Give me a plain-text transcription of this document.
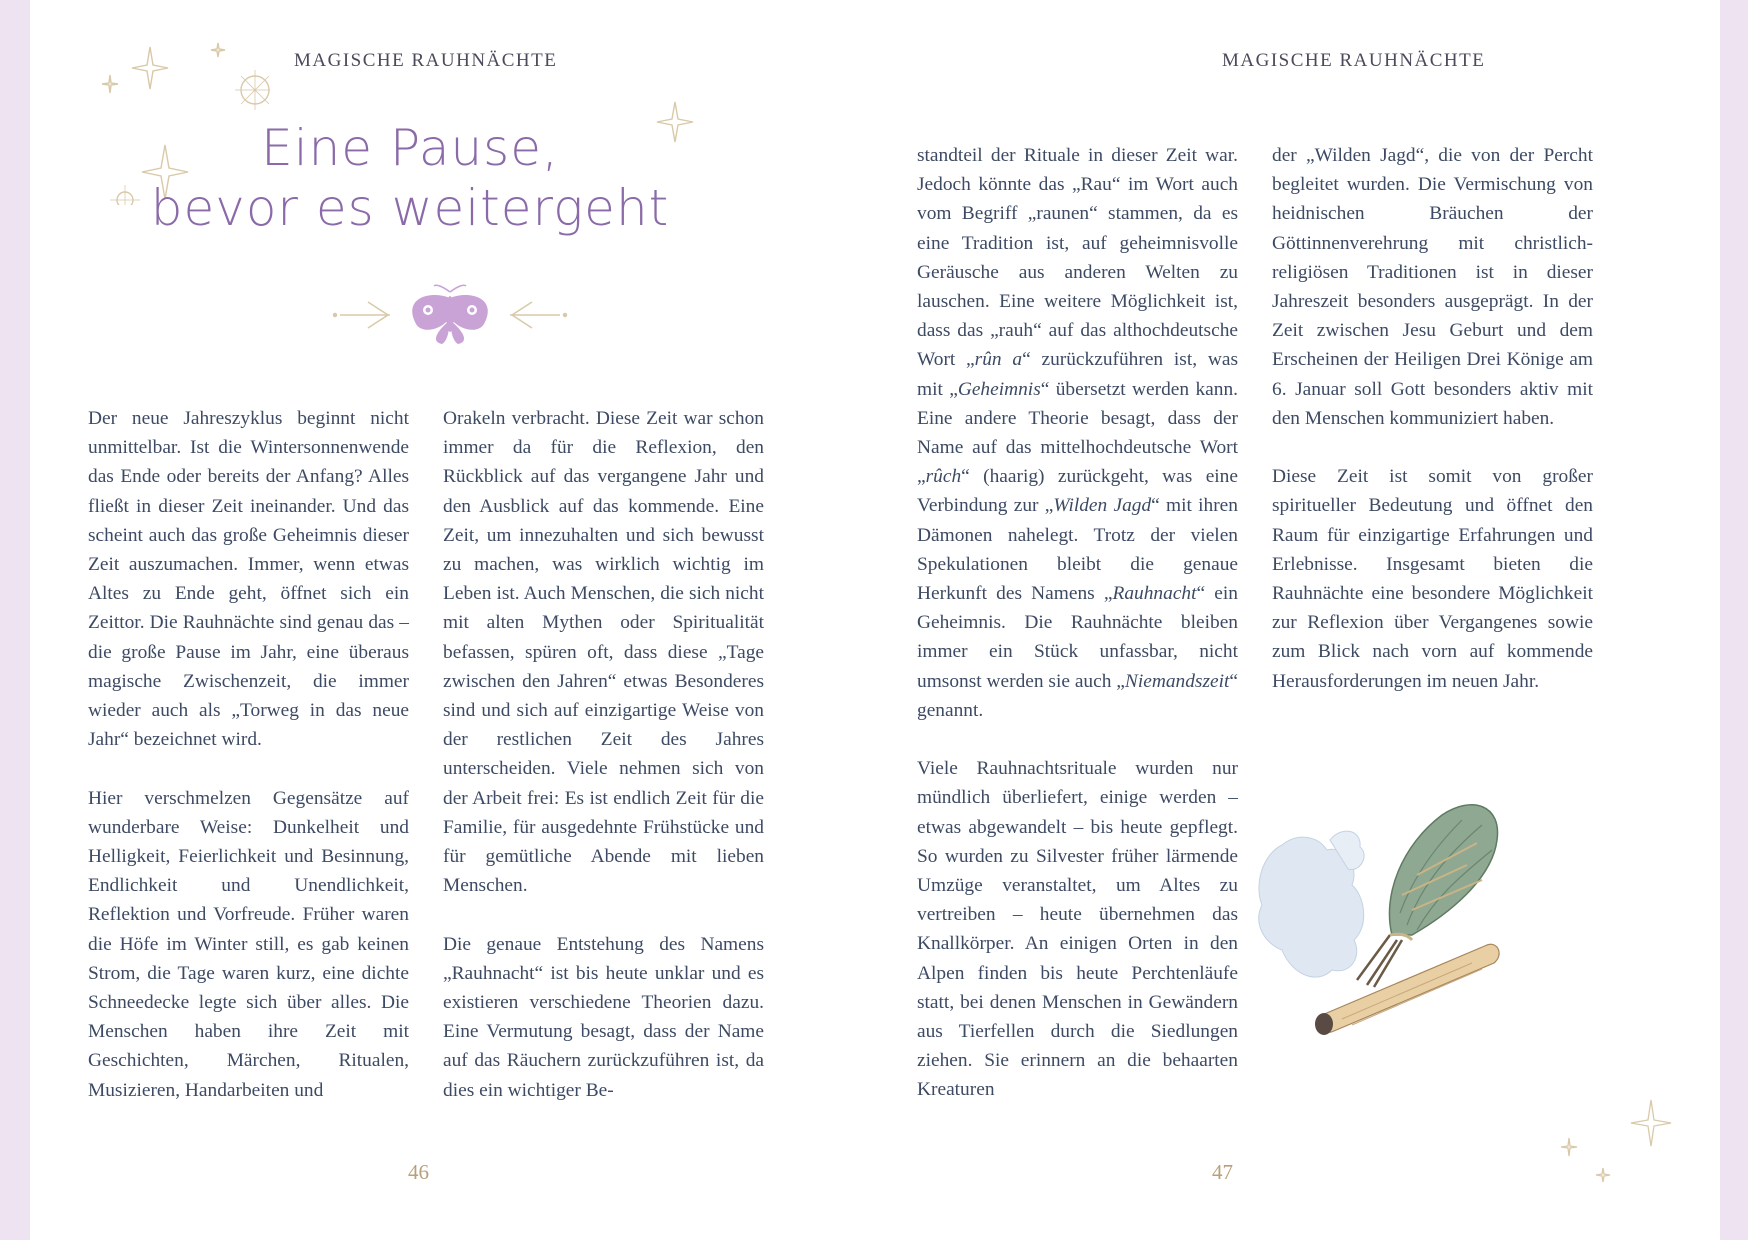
MAGISCHE RAUHNÄCHTE
Eine Pause,
bevor es weitergeht

Der neue Jahreszyklus beginnt nicht unmittelbar. Ist die Wintersonnenwende das Ende oder bereits der Anfang? Alles fließt in dieser Zeit ineinander. Und das scheint auch das große Geheimnis dieser Zeit auszumachen. Immer, wenn etwas Altes zu Ende geht, öffnet sich ein Zeittor. Die Rauhnächte sind genau das – die große Pause im Jahr, eine überaus magische Zwischenzeit, die immer wieder auch als „Torweg in das neue Jahr“ bezeichnet wird.

Hier verschmelzen Gegensätze auf wunderbare Weise: Dunkelheit und Helligkeit, Feierlichkeit und Besinnung, Endlichkeit und Unendlichkeit, Reflektion und Vorfreude. Früher waren die Höfe im Winter still, es gab keinen Strom, die Tage waren kurz, eine dichte Schneedecke legte sich über alles. Die Menschen haben ihre Zeit mit Geschichten, Märchen, Ritualen, Musizieren, Handarbeiten und

Orakeln verbracht. Diese Zeit war schon immer da für die Reflexion, den Rückblick auf das vergangene Jahr und den Ausblick auf das kommende. Eine Zeit, um innezuhalten und sich bewusst zu machen, was wirklich wichtig im Leben ist. Auch Menschen, die sich nicht mit alten Mythen oder Spiritualität befassen, spüren oft, dass diese „Tage zwischen den Jahren“ etwas Besonderes sind und sich auf einzigartige Weise von der restlichen Zeit des Jahres unterscheiden. Viele nehmen sich von der Arbeit frei: Es ist endlich Zeit für die Familie, für ausgedehnte Frühstücke und für gemütliche Abende mit lieben Menschen.

Die genaue Entstehung des Namens „Rauhnacht“ ist bis heute unklar und es existieren verschiedene Theorien dazu. Eine Vermutung besagt, dass der Name auf das Räuchern zurückzuführen ist, da dies ein wichtiger Be-

46
MAGISCHE RAUHNÄCHTE

standteil der Rituale in dieser Zeit war. Jedoch könnte das „Rau“ im Wort auch vom Begriff „raunen“ stammen, da es eine Tradition ist, auf geheimnisvolle Geräusche aus anderen Welten zu lauschen. Eine weitere Möglichkeit ist, dass das „rauh“ auf das althochdeutsche Wort „rûn a“ zurückzuführen ist, was mit „Geheimnis“ übersetzt werden kann. Eine andere Theorie besagt, dass der Name auf das mittelhochdeutsche Wort „rûch“ (haarig) zurückgeht, was eine Verbindung zur „Wilden Jagd“ mit ihren Dämonen nahelegt. Trotz der vielen Spekulationen bleibt die genaue Herkunft des Namens „Rauhnacht“ ein Geheimnis. Die Rauhnächte bleiben immer ein Stück unfassbar, nicht umsonst werden sie auch „Niemandszeit“ genannt.

Viele Rauhnachtsrituale wurden nur mündlich überliefert, einige werden – etwas abgewandelt – bis heute gepflegt. So wurden zu Silvester früher lärmende Umzüge veranstaltet, um Altes zu vertreiben – heute übernehmen das Knallkörper. An einigen Orten in den Alpen finden bis heute Perchtenläufe statt, bei denen Menschen in Gewändern aus Tierfellen durch die Siedlungen ziehen. Sie erinnern an die behaarten Kreaturen

der „Wilden Jagd“, die von der Percht begleitet wurden. Die Vermischung von heidnischen Bräuchen der Göttinnenverehrung mit christlich-religiösen Traditionen ist in dieser Jahreszeit besonders ausgeprägt. In der Zeit zwischen Jesu Geburt und dem Erscheinen der Heiligen Drei Könige am 6. Januar soll Gott besonders aktiv mit den Menschen kommuniziert haben.

Diese Zeit ist somit von großer spiritueller Bedeutung und öffnet den Raum für einzigartige Erfahrungen und Erlebnisse. Insgesamt bieten die Rauhnächte eine besondere Möglichkeit zur Reflexion über Vergangenes sowie zum Blick nach vorn auf kommende Herausforderungen im neuen Jahr.

47
